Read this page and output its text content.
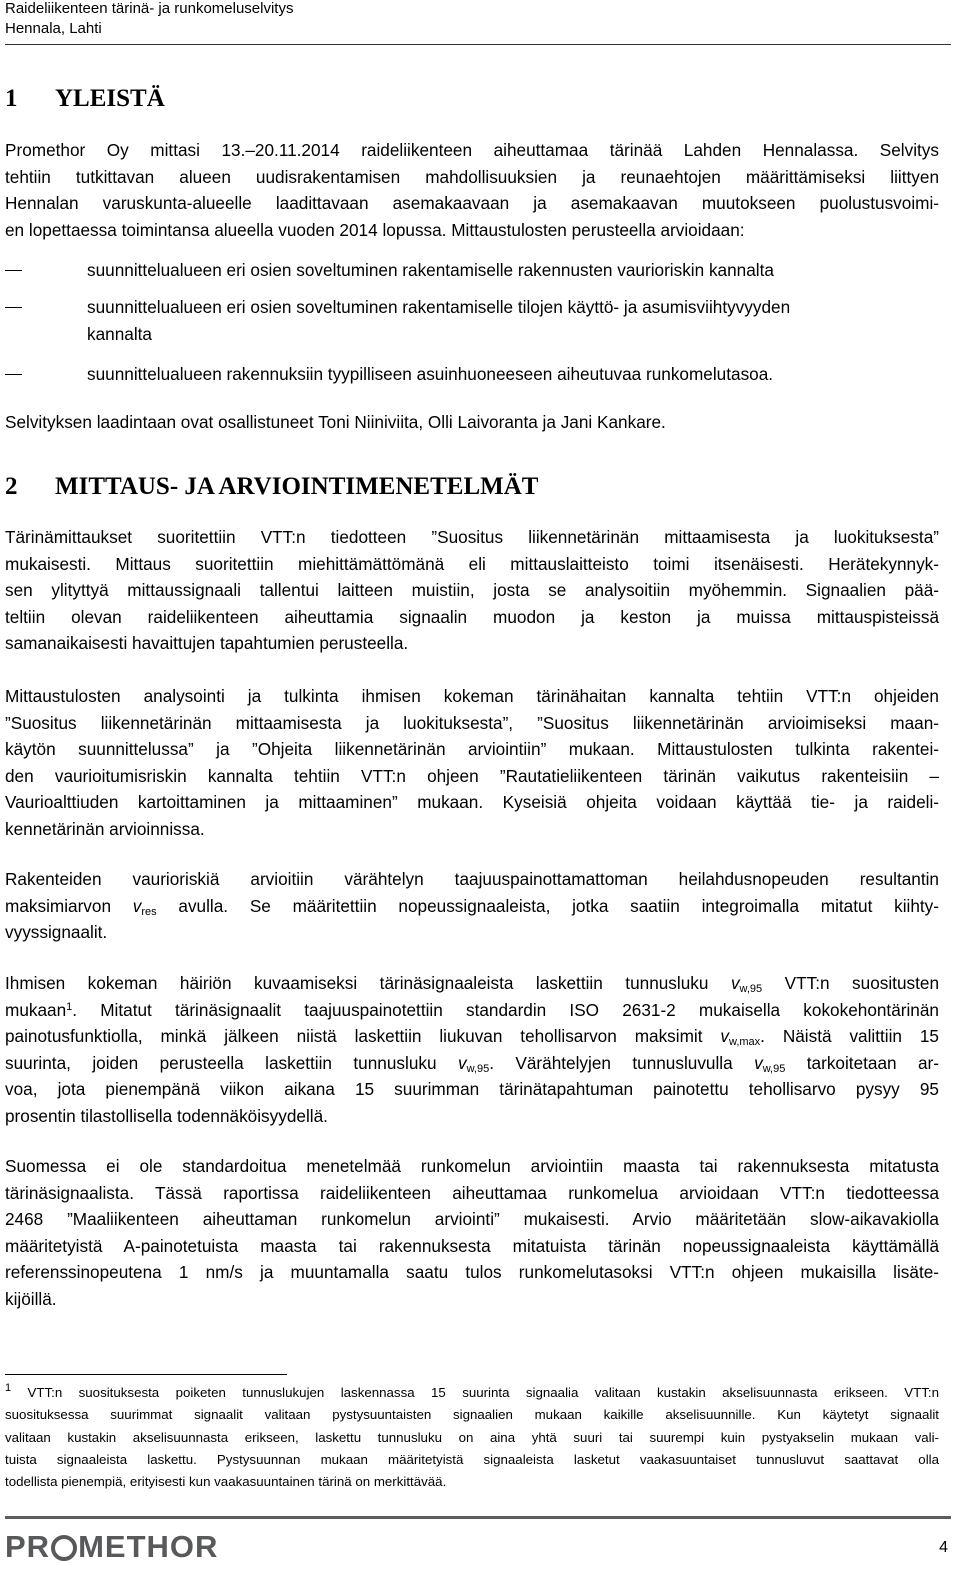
Raideliikenteen tärinä- ja runkomeluselvitys
Hennala, Lahti
1 YLEISTÄ
Promethor Oy mittasi 13.–20.11.2014 raideliikenteen aiheuttamaa tärinää Lahden Hennalassa. Selvitys
tehtiin tutkittavan alueen uudisrakentamisen mahdollisuuksien ja reunaehtojen määrittämiseksi liittyen
Hennalan varuskunta-alueelle laadittavaan asemakaavaan ja asemakaavan muutokseen puolustusvoimi-
en lopettaessa toimintansa alueella vuoden 2014 lopussa. Mittaustulosten perusteella arvioidaan:
suunnittelualueen eri osien soveltuminen rakentamiselle rakennusten vaurioriskin kannalta
suunnittelualueen eri osien soveltuminen rakentamiselle tilojen käyttö- ja asumisviihtyvyyden
kannalta
suunnittelualueen rakennuksiin tyypilliseen asuinhuoneeseen aiheutuvaa runkomelutasoa.
Selvityksen laadintaan ovat osallistuneet Toni Niiniviita, Olli Laivoranta ja Jani Kankare.
2 MITTAUS- JA ARVIOINTIMENETELMÄT
Tärinämittaukset suoritettiin VTT:n tiedotteen ”Suositus liikennetärinän mittaamisesta ja luokituksesta”
mukaisesti. Mittaus suoritettiin miehittämättömänä eli mittauslaitteisto toimi itsenäisesti. Herätekynnyk-
sen ylityttyä mittaussignaali tallentui laitteen muistiin, josta se analysoitiin myöhemmin. Signaalien pää-
teltiin olevan raideliikenteen aiheuttamia signaalin muodon ja keston ja muissa mittauspisteissä
samanaikaisesti havaittujen tapahtumien perusteella.
Mittaustulosten analysointi ja tulkinta ihmisen kokeman tärinähaitan kannalta tehtiin VTT:n ohjeiden
”Suositus liikennetärinän mittaamisesta ja luokituksesta”, ”Suositus liikennetärinän arvioimiseksi maan-
käytön suunnittelussa” ja ”Ohjeita liikennetärinän arviointiin” mukaan. Mittaustulosten tulkinta rakentei-
den vaurioitumisriskin kannalta tehtiin VTT:n ohjeen ”Rautatieliikenteen tärinän vaikutus rakenteisiin –
Vaurioalttiuden kartoittaminen ja mittaaminen” mukaan. Kyseisiä ohjeita voidaan käyttää tie- ja raideli-
kennetärinän arvioinnissa.
Rakenteiden vaurioriskiä arvioitiin värähtelyn taajuuspainottamattoman heilahdusnopeuden resultantin
maksimiarvon $v_{res}$ avulla. Se määritettiin nopeussignaaleista, jotka saatiin integroimalla mitatut kiihty-
vyyssignaalit.
Ihmisen kokeman häiriön kuvaamiseksi tärinäsignaaleista laskettiin tunnusluku $v_{w,95}$ VTT:n suositusten
mukaan$^1$. Mitatut tärinäsignaalit taajuuspainotettiin standardin ISO 2631-2 mukaisella kokokehontärinän
painotusfunktiolla, minkä jälkeen niistä laskettiin liukuvan tehollisarvon maksimit $v_{w,max}$. Näistä valittiin 15
suurinta, joiden perusteella laskettiin tunnusluku $v_{w,95}$. Värähtelyjen tunnusluvulla $v_{w,95}$ tarkoitetaan ar-
voa, jota pienempänä viikon aikana 15 suurimman tärinätapahtuman painotettu tehollisarvo pysyy 95
prosentin tilastollisella todennäköisyydellä.
Suomessa ei ole standardoitua menetelmää runkomelun arviointiin maasta tai rakennuksesta mitatusta
tärinäsignaalista. Tässä raportissa raideliikenteen aiheuttamaa runkomelua arvioidaan VTT:n tiedotteessa
2468 ”Maaliikenteen aiheuttaman runkomelun arviointi” mukaisesti. Arvio määritetään slow-aikavakiolla
määritetyistä A-painotetuista maasta tai rakennuksesta mitatuista tärinän nopeussignaaleista käyttämällä
referenssinopeutena 1 nm/s ja muuntamalla saatu tulos runkomelutasoksi VTT:n ohjeen mukaisilla lisäte-
kijöillä.
$^1$ VTT:n suosituksesta poiketen tunnuslukujen laskennassa 15 suurinta signaalia valitaan kustakin akselisuunnasta erikseen. VTT:n
suosituksessa suurimmat signaalit valitaan pystysuuntaisten signaalien mukaan kaikille akselisuunnille. Kun käytetyt signaalit
valitaan kustakin akselisuunnasta erikseen, laskettu tunnusluku on aina yhtä suuri tai suurempi kuin pystyakselin mukaan vali-
tuista signaaleista laskettu. Pystysuunnan mukaan määritetyistä signaaleista lasketut vaakasuuntaiset tunnusluvut saattavat olla
todellista pienempiä, erityisesti kun vaakasuuntainen tärinä on merkittävää.
PR METHOR	4
